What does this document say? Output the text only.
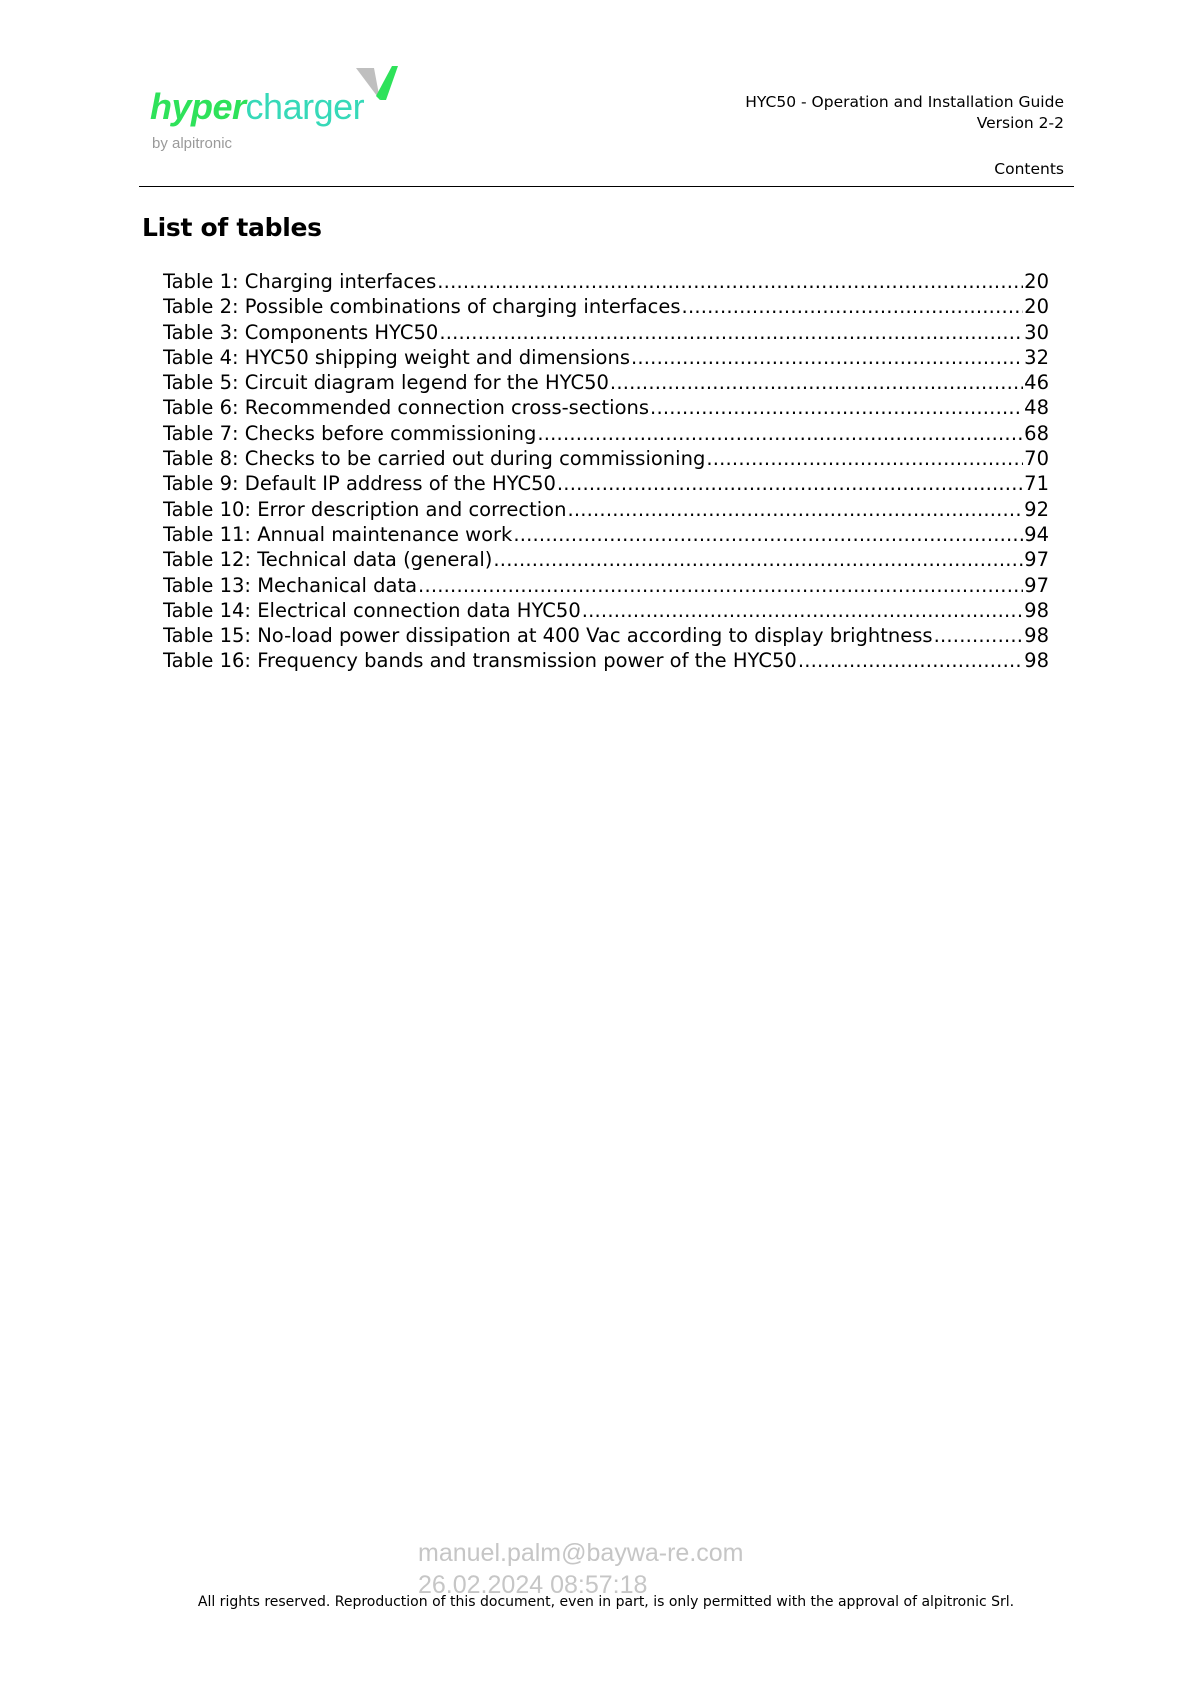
hypercharger
by alpitronic
HYC50 - Operation and Installation Guide
Version 2-2
Contents
List of tables
Table 1: Charging interfaces .....	20
Table 2: Possible combinations of charging interfaces .....	20
Table 3: Components HYC50 .....	30
Table 4: HYC50 shipping weight and dimensions .....	32
Table 5: Circuit diagram legend for the HYC50 .....	46
Table 6: Recommended connection cross-sections .....	48
Table 7: Checks before commissioning .....	68
Table 8: Checks to be carried out during commissioning .....	70
Table 9: Default IP address of the HYC50 .....	71
Table 10: Error description and correction .....	92
Table 11: Annual maintenance work .....	94
Table 12: Technical data (general) .....	97
Table 13: Mechanical data .....	97
Table 14: Electrical connection data HYC50 .....	98
Table 15: No-load power dissipation at 400 Vac according to display brightness .....	98
Table 16: Frequency bands and transmission power of the HYC50 .....	98
manuel.palm@baywa-re.com
26.02.2024 08:57:18
All rights reserved. Reproduction of this document, even in part, is only permitted with the approval of alpitronic Srl.
